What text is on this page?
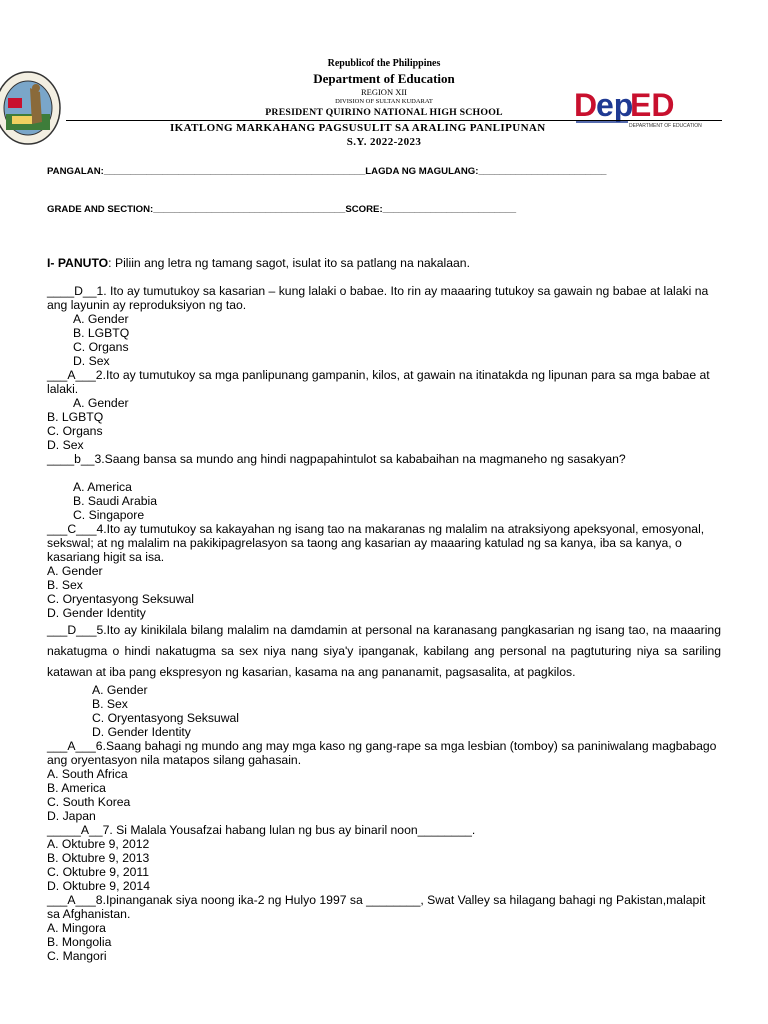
D
ep
ED
DEPARTMENT OF EDUCATION
Republicof the Philippines
Department of Education
REGION XII
DIVISION OF SULTAN KUDARAT
PRESIDENT QUIRINO NATIONAL HIGH SCHOOL
IKATLONG MARKAHANG PAGSUSULIT SA ARALING PANLIPUNAN
S.Y. 2022-2023
PANGALAN:_________________________________________________LAGDA NG MAGULANG:________________________
GRADE AND SECTION:____________________________________SCORE:_________________________

I- PANUTO: Piliin ang letra ng tamang sagot, isulat ito sa patlang na nakalaan.

____D__1. Ito ay tumutukoy sa kasarian – kung lalaki o babae. Ito rin ay maaaring tutukoy sa gawain ng babae at lalaki na ang layunin ay reproduksiyon ng tao.

A. Gender

B. LGBTQ

C. Organs

D. Sex

___A___2.Ito ay tumutukoy sa mga panlipunang gampanin, kilos, at gawain na itinatakda ng lipunan para sa mga babae at lalaki.

A. Gender

B. LGBTQ

C. Organs

D. Sex

____b__3.Saang bansa sa mundo ang hindi nagpapahintulot sa kababaihan na magmaneho ng sasakyan?

A. America

B. Saudi Arabia

C. Singapore

___C___4.Ito ay tumutukoy sa kakayahan ng isang tao na makaranas ng malalim na atraksiyong apeksyonal, emosyonal, sekswal; at ng malalim na pakikipagrelasyon sa taong ang kasarian ay maaaring katulad ng sa kanya, iba sa kanya, o kasariang higit sa isa.

A. Gender

B. Sex

C. Oryentasyong Seksuwal

D. Gender Identity

___D___5.Ito ay kinikilala bilang malalim na damdamin at personal na karanasang pangkasarian ng isang tao, na maaaring nakatugma o hindi nakatugma sa sex niya nang siya'y ipanganak, kabilang ang personal na pagtuturing niya sa sariling katawan at iba pang ekspresyon ng kasarian, kasama na ang pananamit, pagsasalita, at pagkilos.

A. Gender

B. Sex

C. Oryentasyong Seksuwal

D. Gender Identity

___A___6.Saang bahagi ng mundo ang may mga kaso ng gang-rape sa mga lesbian (tomboy) sa paniniwalang magbabago ang oryentasyon nila matapos silang gahasain.

A. South Africa

B. America

C. South Korea

D. Japan

_____A__7. Si Malala Yousafzai habang lulan ng bus ay binaril noon________.

A. Oktubre 9, 2012

B. Oktubre 9, 2013

C. Oktubre 9, 2011

D. Oktubre 9, 2014

___A___8.Ipinanganak siya noong ika-2 ng Hulyo 1997 sa ________, Swat Valley sa hilagang bahagi ng Pakistan,malapit sa Afghanistan.

A. Mingora

B. Mongolia

C. Mangori
